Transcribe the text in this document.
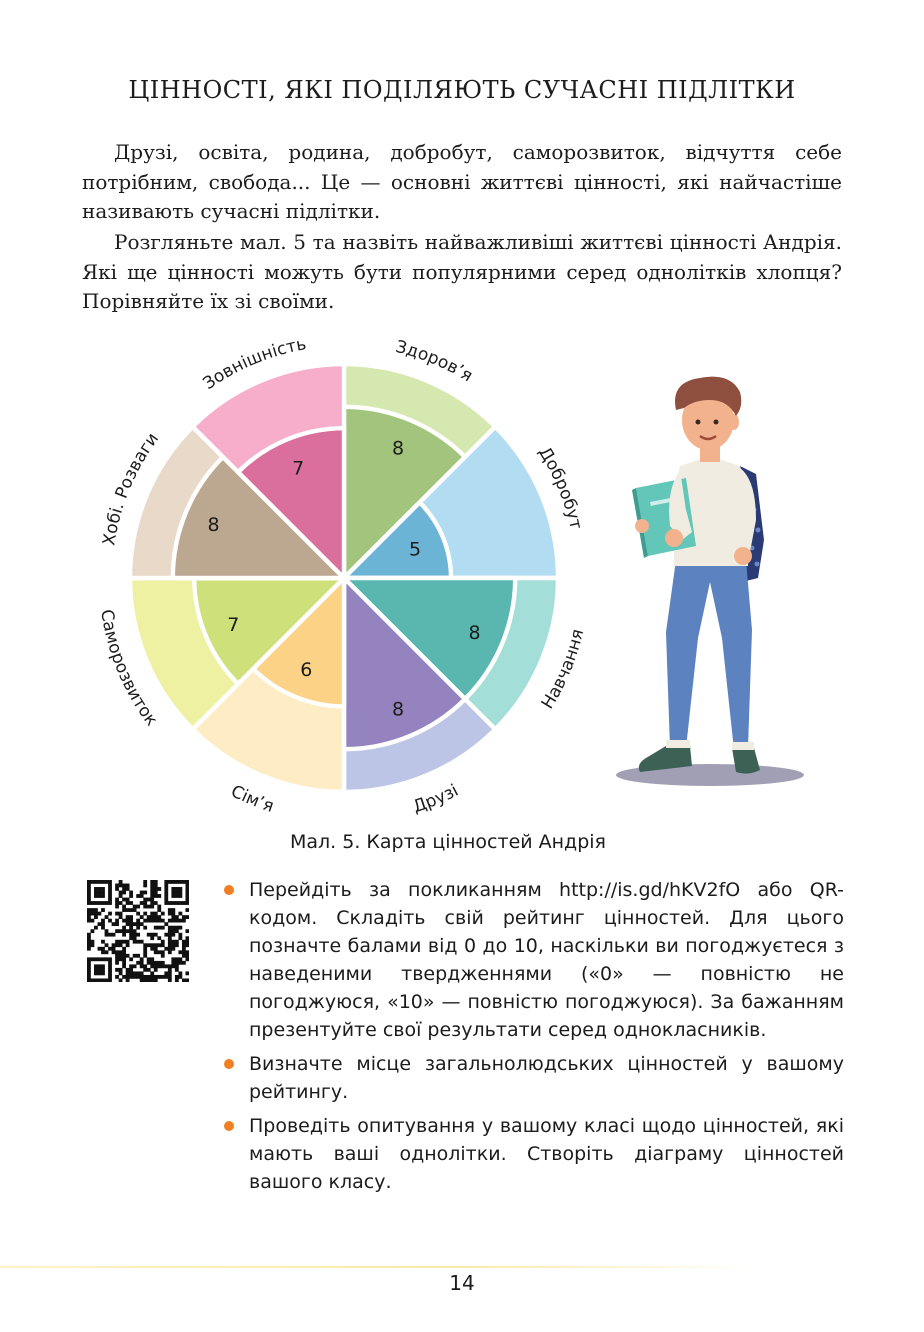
ЦІННОСТІ, ЯКІ ПОДІЛЯЮТЬ СУЧАСНІ ПІДЛІТКИ
Друзі, освіта, родина, добробут, саморозвиток, відчуття себе потрібним, свобода... Це — основні життєві цінності, які найчастіше називають сучасні підлітки.
Розгляньте мал. 5 та назвіть найважливіші життєві цінності Андрія. Які ще цінності можуть бути популярними серед однолітків хлопця? Порівняйте їх зі своїми.
8
5
8
8
6
7
8
7
Здоров’я
Добробут
Навчання
Друзі
Сім’я
Саморозвиток
Хобі. Розваги
Зовнішність
Мал. 5. Карта цінностей Андрія
Перейдіть за покликанням http://is.gd/hKV2fO або QR-кодом. Складіть свій рейтинг цінностей. Для цього позначте балами від 0 до 10, наскільки ви погоджуєтеся з наведеними твердженнями («0» — повністю не погоджуюся, «10» — повністю погоджуюся). За бажанням презентуйте свої результати серед однокласників.
Визначте місце загальнолюдських цінностей у вашому рейтингу.
Проведіть опитування у вашому класі щодо цінностей, які мають ваші однолітки. Створіть діаграму цінностей вашого класу.
14
